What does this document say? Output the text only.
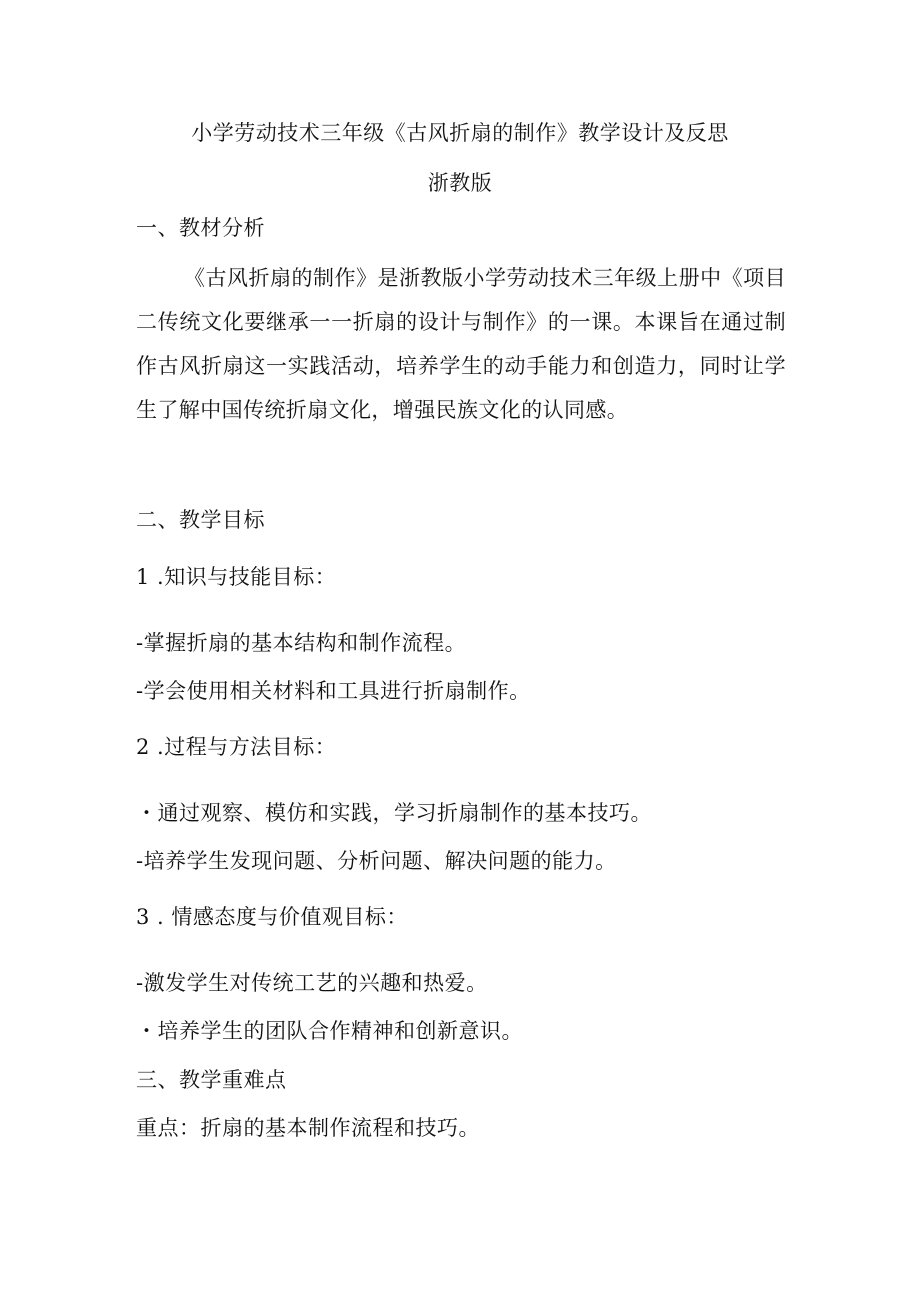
小学劳动技术三年级《古风折扇的制作》教学设计及反思
浙教版
一、教材分析
《古风折扇的制作》是浙教版小学劳动技术三年级上册中《项目二传统文化要继承一一折扇的设计与制作》的一课。本课旨在通过制作古风折扇这一实践活动，培养学生的动手能力和创造力，同时让学生了解中国传统折扇文化，增强民族文化的认同感。
二、教学目标
1 .知识与技能目标：
-掌握折扇的基本结构和制作流程。
-学会使用相关材料和工具进行折扇制作。
2 .过程与方法目标：
・通过观察、模仿和实践，学习折扇制作的基本技巧。
-培养学生发现问题、分析问题、解决问题的能力。
3 . 情感态度与价值观目标：
-激发学生对传统工艺的兴趣和热爱。
・培养学生的团队合作精神和创新意识。
三、教学重难点
重点：折扇的基本制作流程和技巧。
